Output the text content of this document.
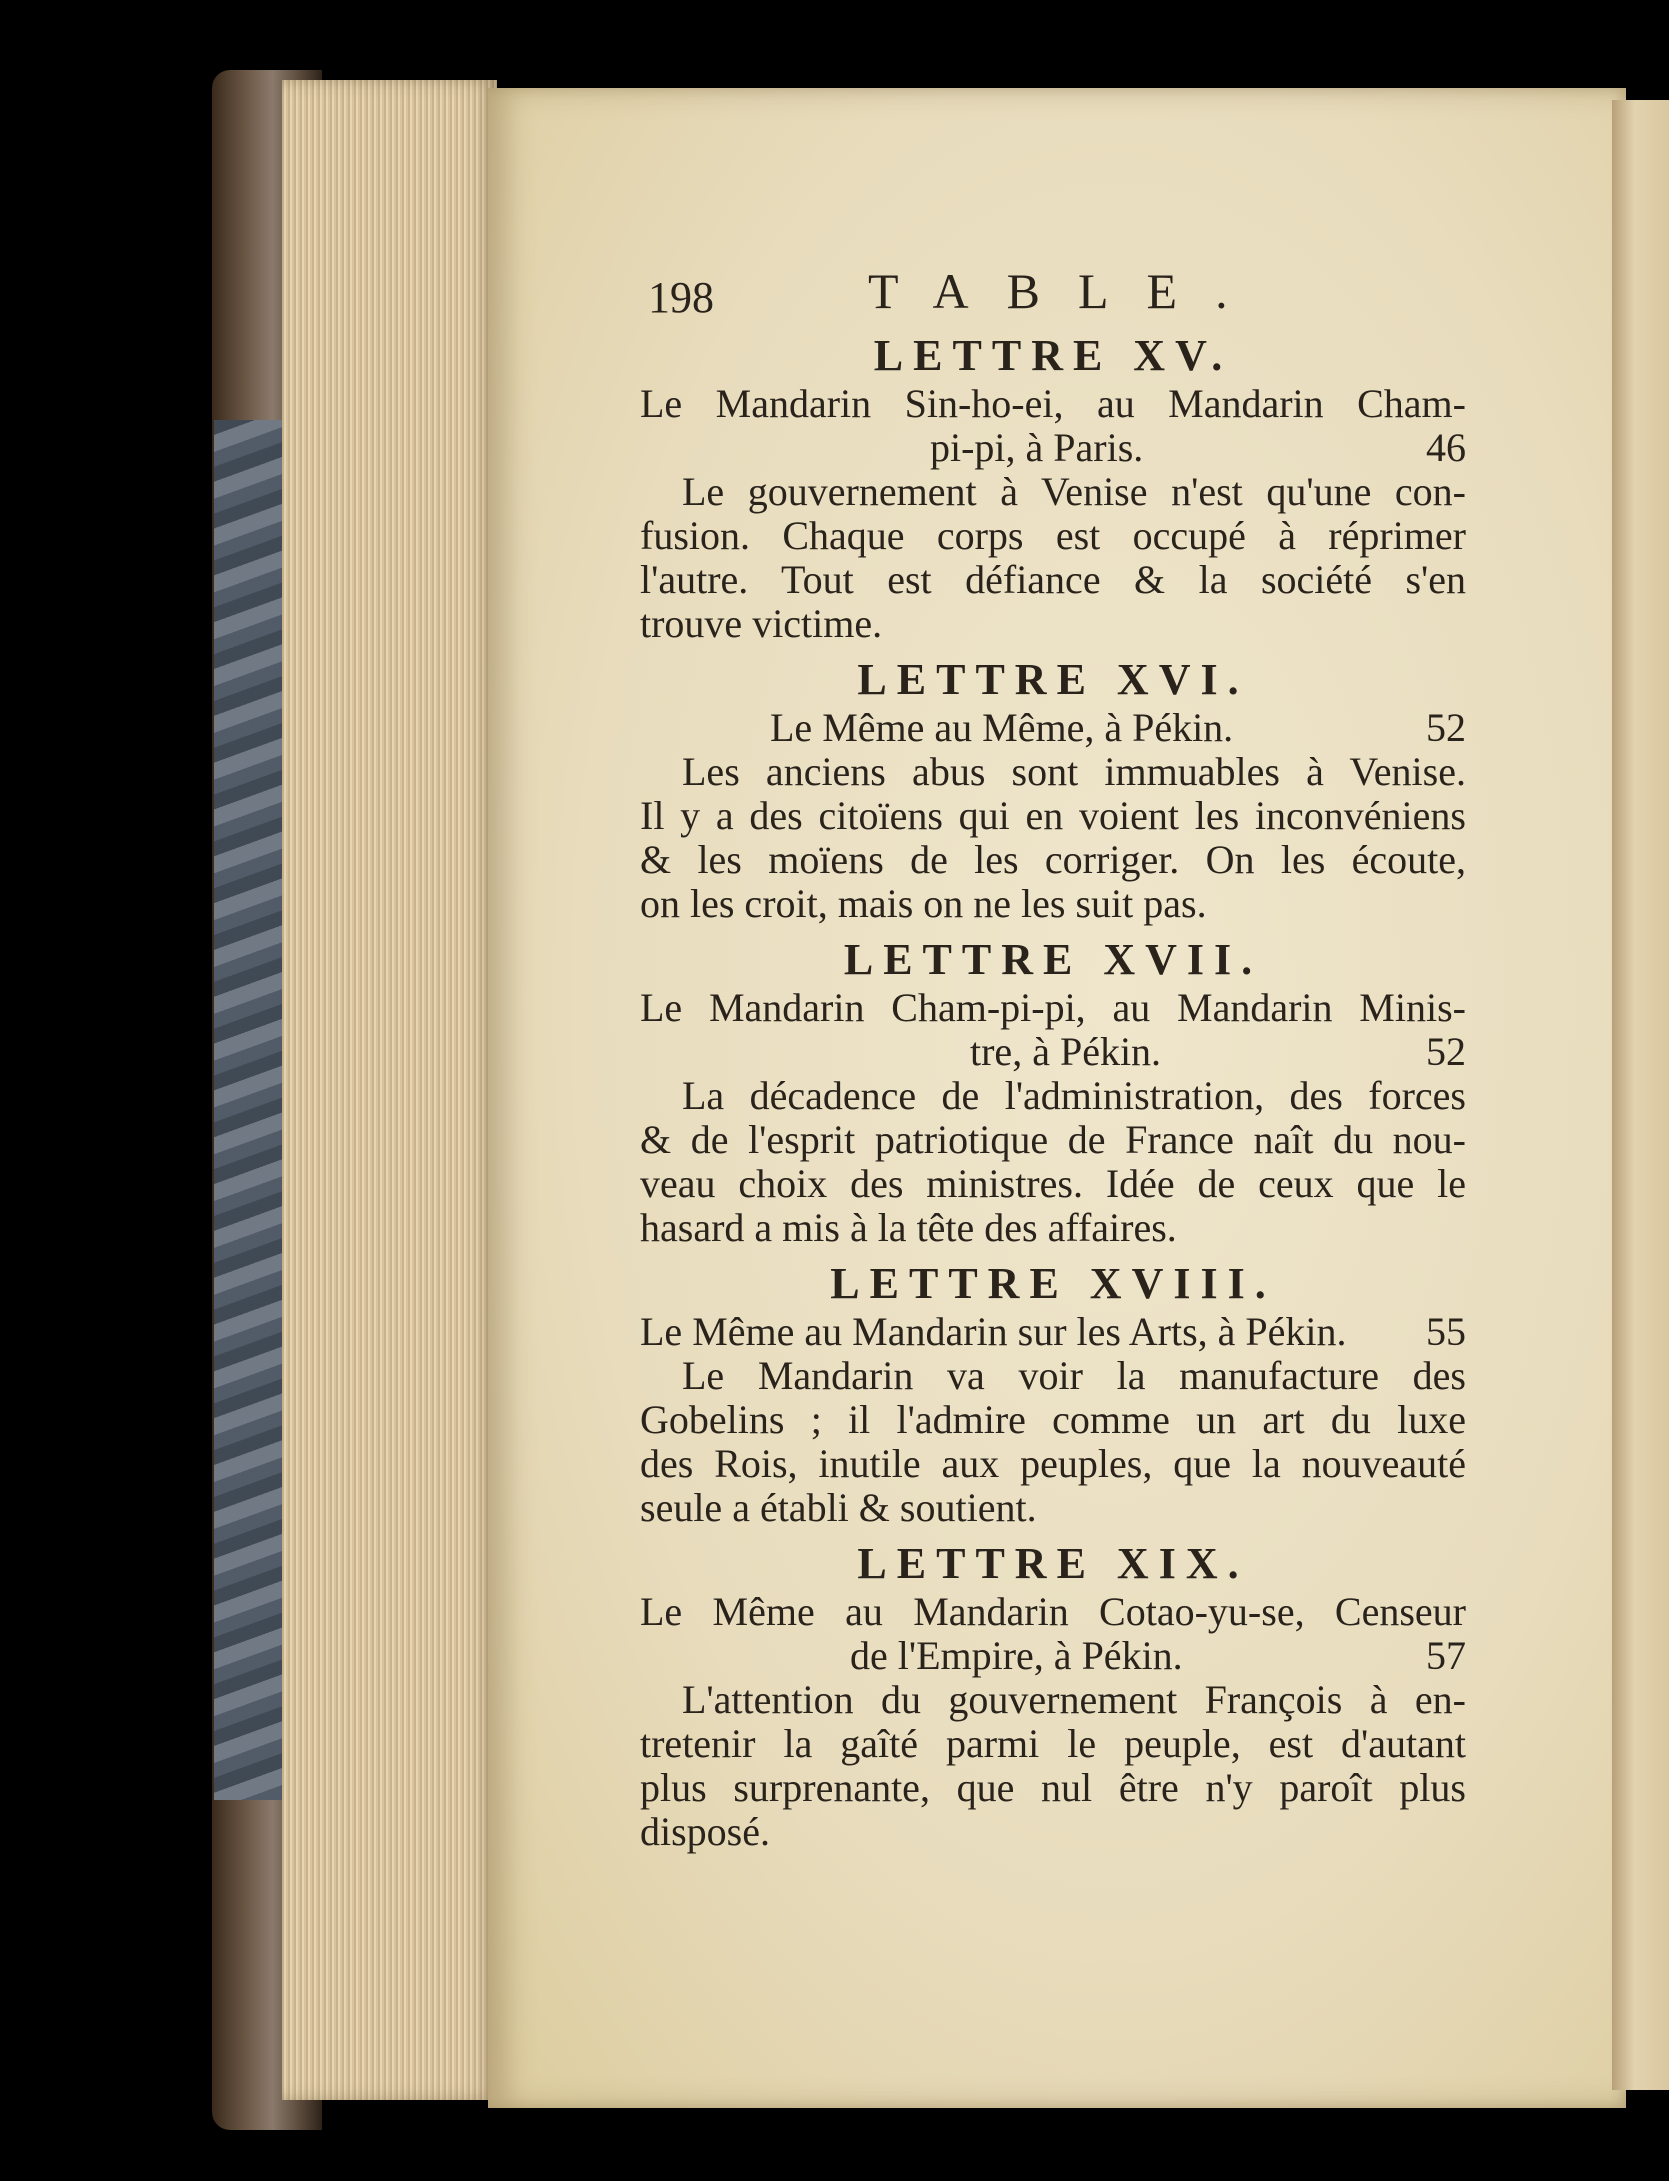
198	TABLE.

LETTRE XV.

Le Mandarin Sin-ho-ei, au Mandarin Cham-

pi-pi, à Paris.	46

Le gouvernement à Venise n'est qu'une con-

fusion. Chaque corps est occupé à réprimer

l'autre. Tout est défiance & la société s'en

trouve victime.

LETTRE XVI.

Le Même au Même, à Pékin.	52

Les anciens abus sont immuables à Venise.

Il y a des citoïens qui en voient les inconvéniens

& les moïens de les corriger. On les écoute,

on les croit, mais on ne les suit pas.

LETTRE XVII.

Le Mandarin Cham-pi-pi, au Mandarin Minis-

tre, à Pékin.	52

La décadence de l'administration, des forces

& de l'esprit patriotique de France naît du nou-

veau choix des ministres. Idée de ceux que le

hasard a mis à la tête des affaires.

LETTRE XVIII.

Le Même au Mandarin sur les Arts, à Pékin. 55

Le Mandarin va voir la manufacture des

Gobelins ; il l'admire comme un art du luxe

des Rois, inutile aux peuples, que la nouveauté

seule a établi & soutient.

LETTRE XIX.

Le Même au Mandarin Cotao-yu-se, Censeur

de l'Empire, à Pékin.	57

L'attention du gouvernement François à en-

tretenir la gaîté parmi le peuple, est d'autant

plus surprenante, que nul être n'y paroît plus

disposé.
